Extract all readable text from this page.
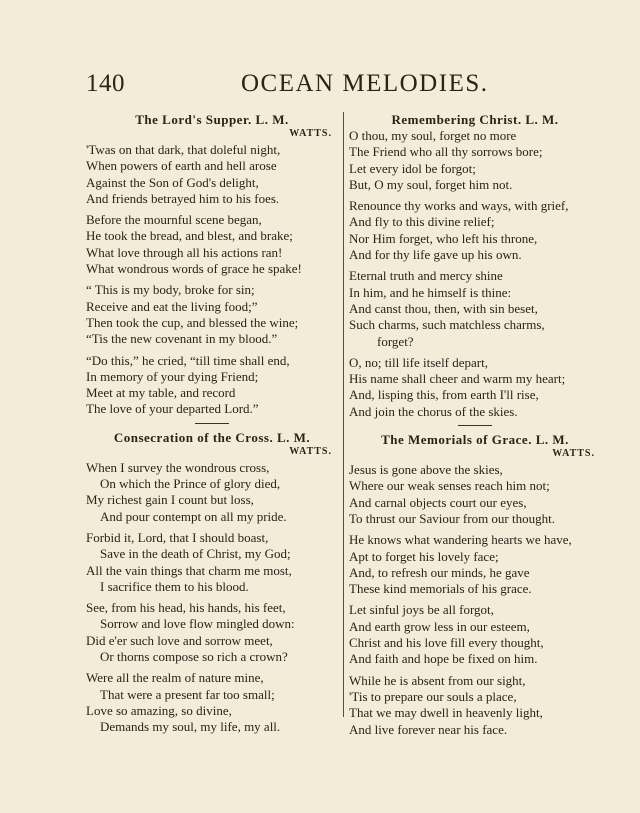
140	OCEAN MELODIES.
The Lord's Supper. L. M.
WATTS.
'Twas on that dark, that doleful night,
When powers of earth and hell arose
Against the Son of God's delight,
And friends betrayed him to his foes.
Before the mournful scene began,
He took the bread, and blest, and brake;
What love through all his actions ran!
What wondrous words of grace he spake!
“ This is my body, broke for sin;
Receive and eat the living food;”
Then took the cup, and blessed the wine;
“Tis the new covenant in my blood.”
“Do this,” he cried, “till time shall end,
In memory of your dying Friend;
Meet at my table, and record
The love of your departed Lord.”
Consecration of the Cross. L. M.
WATTS.
When I survey the wondrous cross,
On which the Prince of glory died,
My richest gain I count but loss,
And pour contempt on all my pride.
Forbid it, Lord, that I should boast,
Save in the death of Christ, my God;
All the vain things that charm me most,
I sacrifice them to his blood.
See, from his head, his hands, his feet,
Sorrow and love flow mingled down:
Did e'er such love and sorrow meet,
Or thorns compose so rich a crown?
Were all the realm of nature mine,
That were a present far too small;
Love so amazing, so divine,
Demands my soul, my life, my all.
Remembering Christ. L. M.
O thou, my soul, forget no more
The Friend who all thy sorrows bore;
Let every idol be forgot;
But, O my soul, forget him not.
Renounce thy works and ways, with grief,
And fly to this divine relief;
Nor Him forget, who left his throne,
And for thy life gave up his own.
Eternal truth and mercy shine
In him, and he himself is thine:
And canst thou, then, with sin beset,
Such charms, such matchless charms,
forget?
O, no; till life itself depart,
His name shall cheer and warm my heart;
And, lisping this, from earth I'll rise,
And join the chorus of the skies.
The Memorials of Grace. L. M.
WATTS.
Jesus is gone above the skies,
Where our weak senses reach him not;
And carnal objects court our eyes,
To thrust our Saviour from our thought.
He knows what wandering hearts we have,
Apt to forget his lovely face;
And, to refresh our minds, he gave
These kind memorials of his grace.
Let sinful joys be all forgot,
And earth grow less in our esteem,
Christ and his love fill every thought,
And faith and hope be fixed on him.
While he is absent from our sight,
'Tis to prepare our souls a place,
That we may dwell in heavenly light,
And live forever near his face.
